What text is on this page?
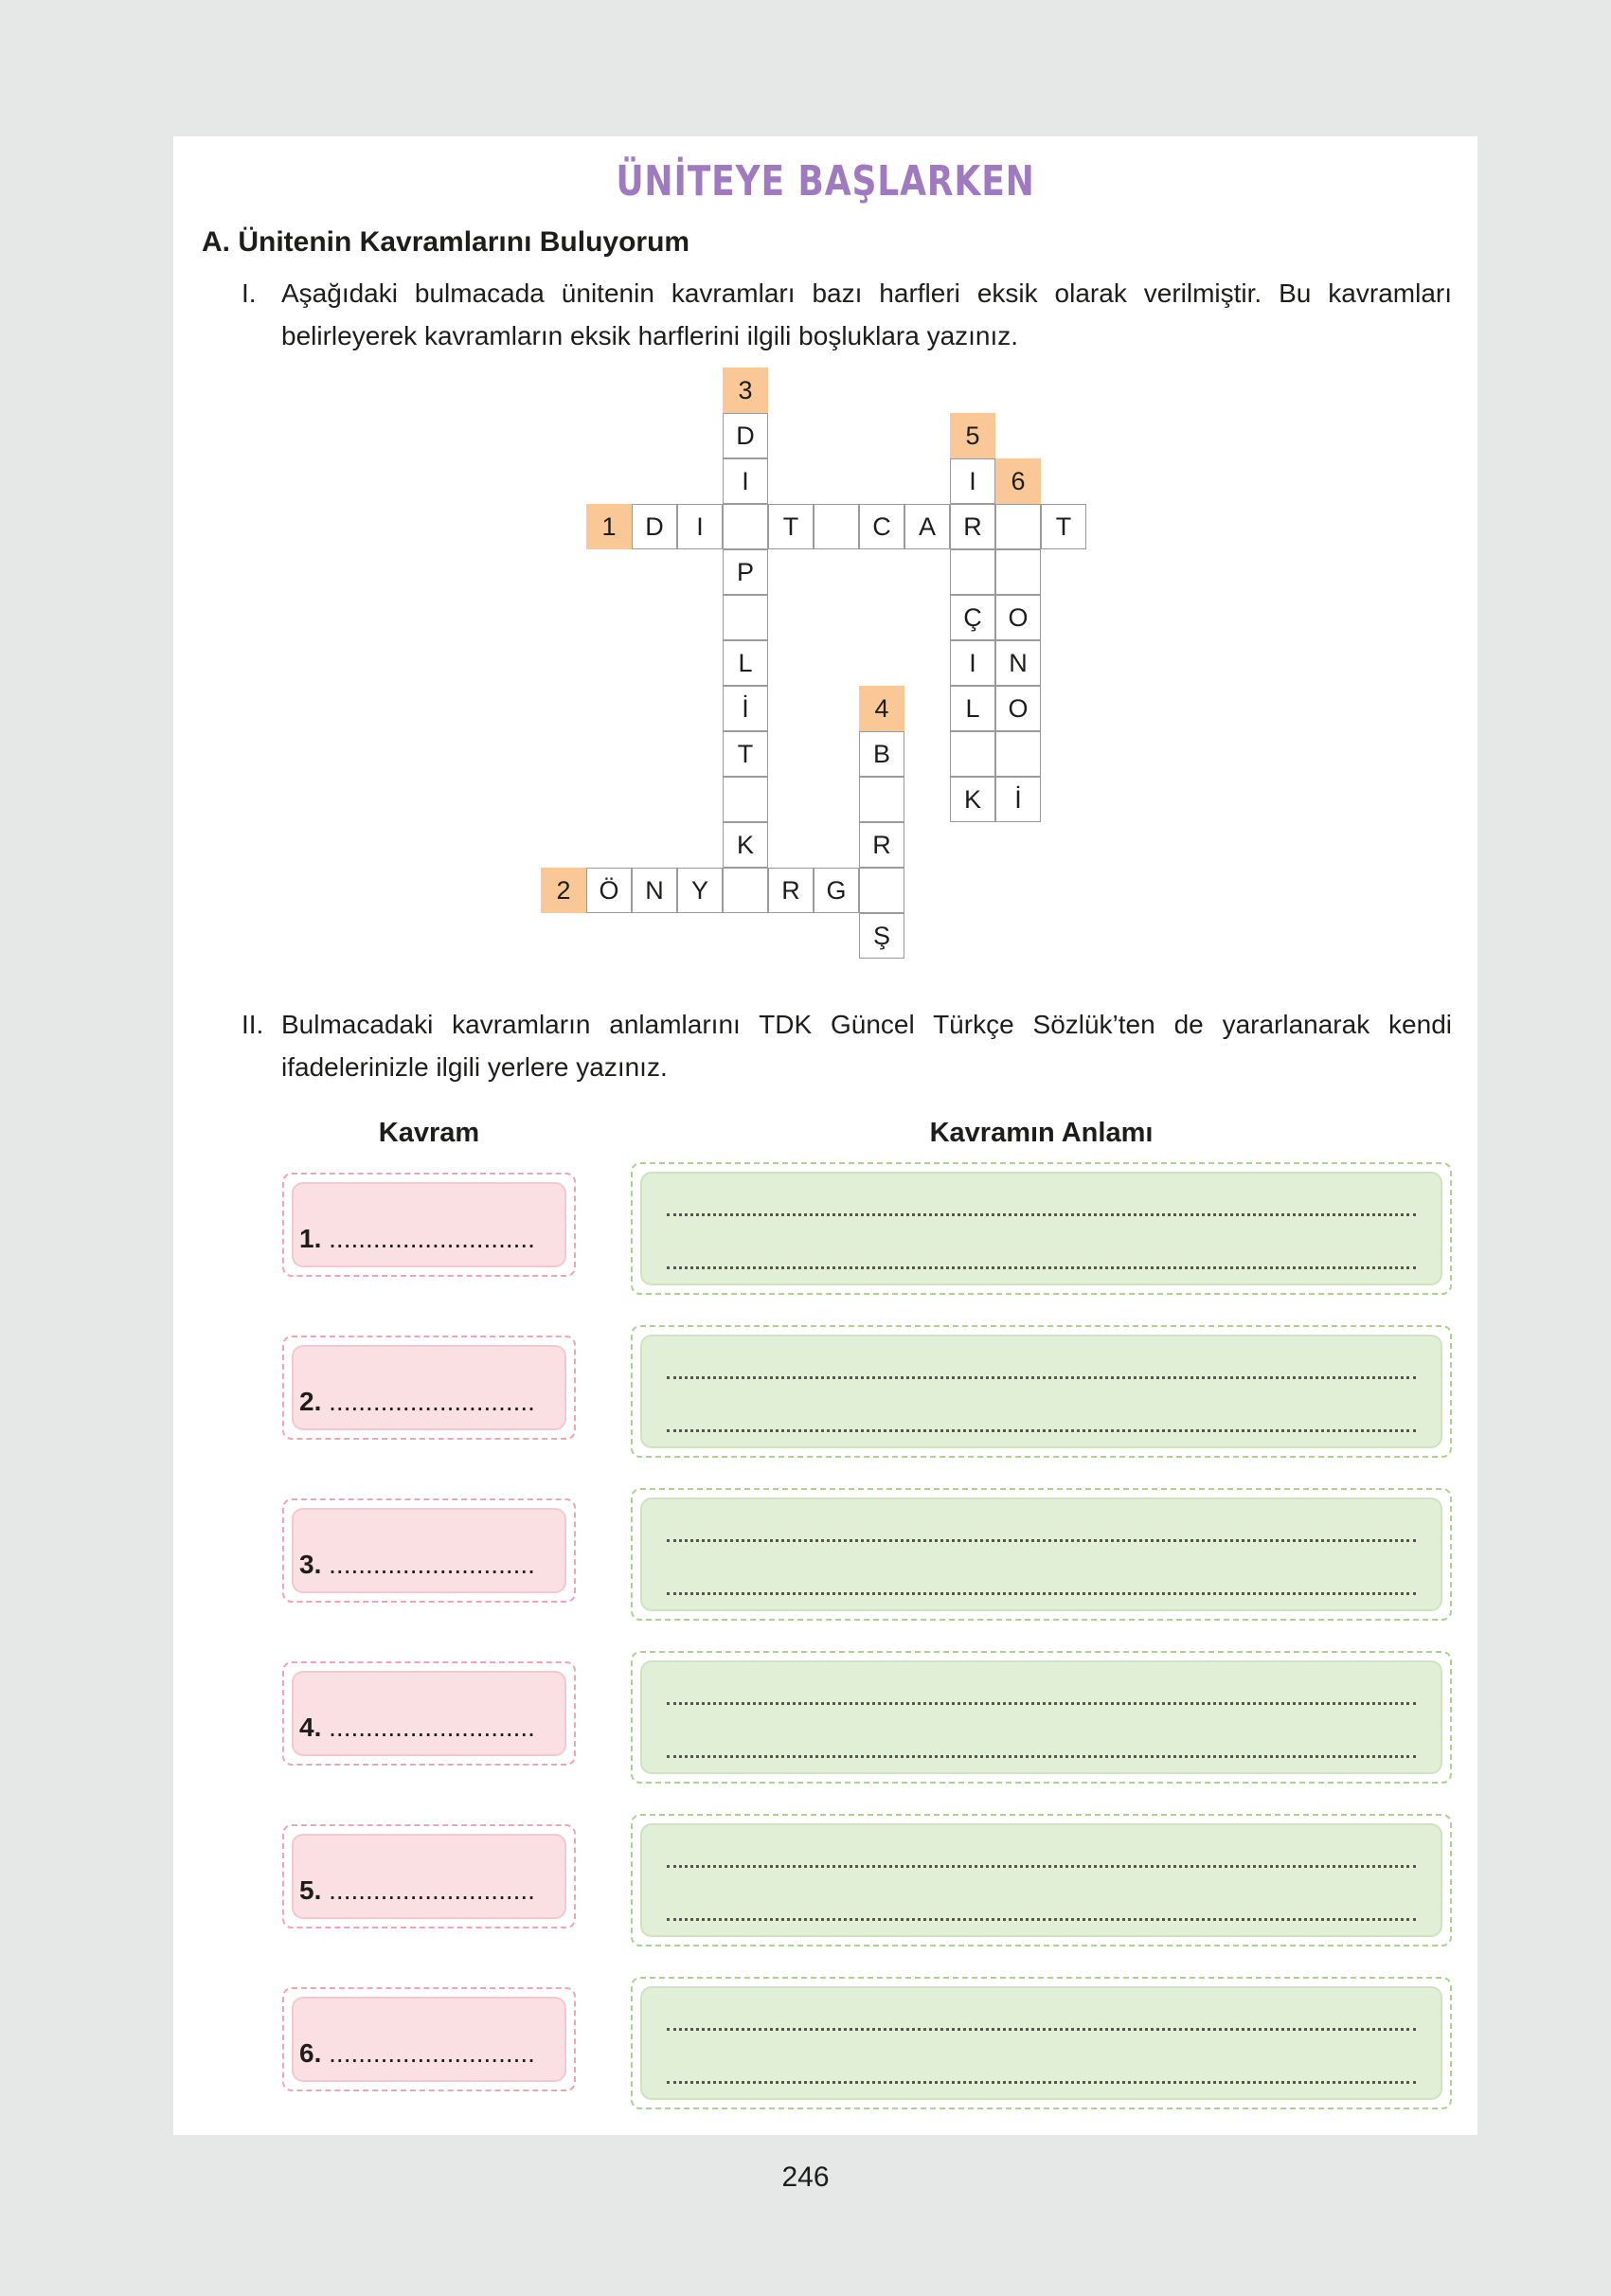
ÜNİTEYE BAŞLARKEN
A. Ünitenin Kavramlarını Buluyorum
I. Aşağıdaki bulmacada ünitenin kavramları bazı harfleri eksik olarak verilmiştir. Bu kavramları
belirleyerek kavramların eksik harflerini ilgili boşluklara yazınız.
1
2
3
4
5
6
D	I	T	C	A	R	T
Ö	N	Y	R	G
D
I
P
L
İ
T
K
B
R
Ş
I
Ç
I
L
K
O
N
O
İ
II. Bulmacadaki kavramların anlamlarını TDK Güncel Türkçe Sözlük’ten de yararlanarak kendi
ifadelerinizle ilgili yerlere yazınız.
Kavram	Kavramın Anlamı
1. ............................
2. ............................
3. ............................
4. ............................
5. ............................
6. ............................
246
